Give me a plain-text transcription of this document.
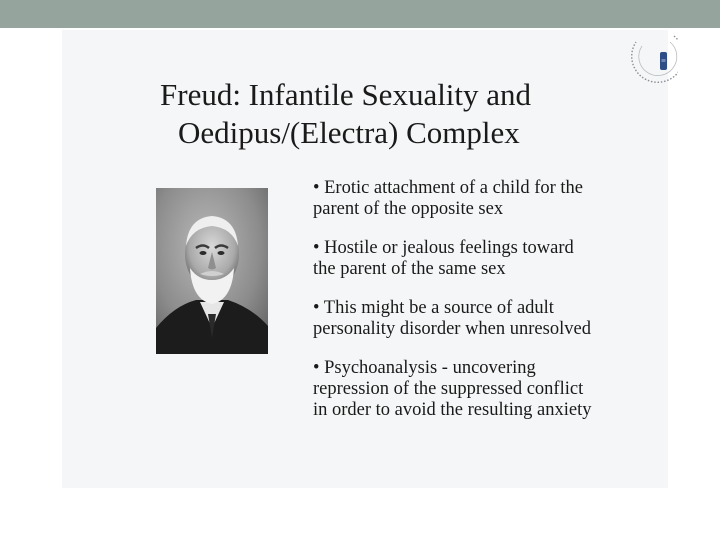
Freud: Infantile Sexuality and
Oedipus/(Electra) Complex
• Erotic attachment of a child for the
parent of the opposite sex
• Hostile or jealous feelings toward
the parent of the same sex
• This might be a source of adult
personality disorder when unresolved
• Psychoanalysis - uncovering
repression of the suppressed conflict
in order to avoid the resulting anxiety
